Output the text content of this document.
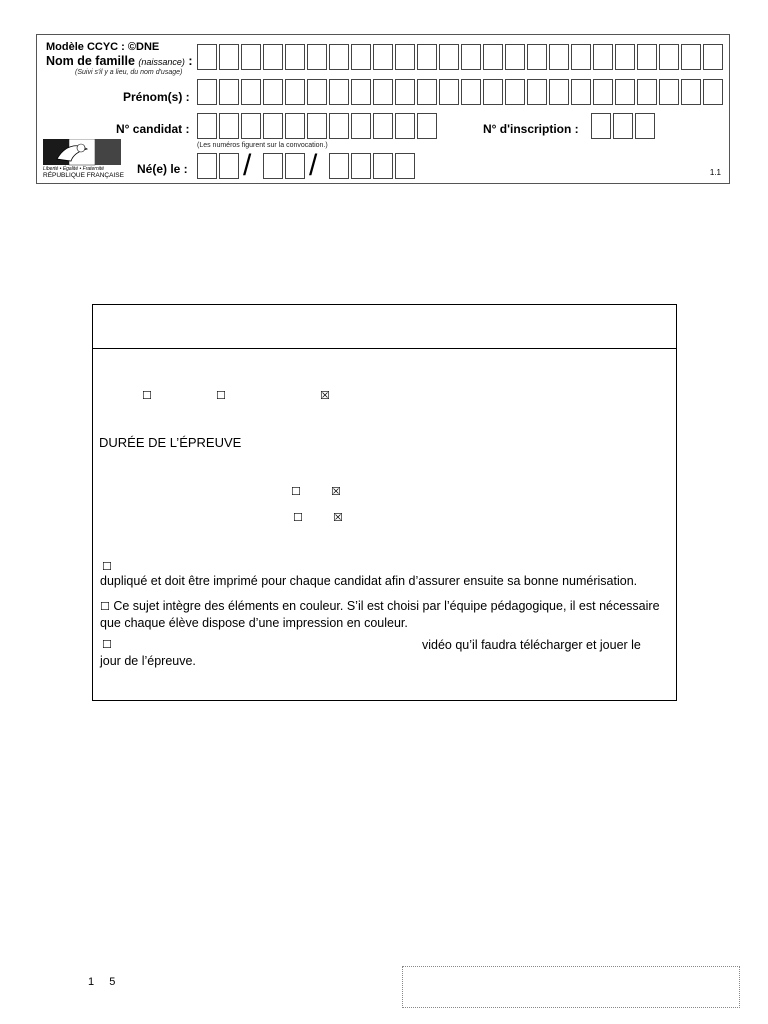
Modèle CCYC : ©DNE
Nom de famille (naissance) :
(Suivi s'il y a lieu, du nom d'usage)
Prénom(s) :
N° candidat :
(Les numéros figurent sur la convocation.)
N° d'inscription :
Liberté • Égalité • Fraternité
RÉPUBLIQUE FRANÇAISE Né(e) le : / /	1.1
☐	☐	☒
DURÉE DE L’ÉPREUVE
☐	☒
☐	☒
☐
dupliqué et doit être imprimé pour chaque candidat afin d’assurer ensuite sa bonne numérisation.
☐ Ce sujet intègre des éléments en couleur. S’il est choisi par l’équipe pédagogique, il est nécessaire que chaque élève dispose d’une impression en couleur.
☐	vidéo qu’il faudra télécharger et jouer le
jour de l’épreuve.
1 5
